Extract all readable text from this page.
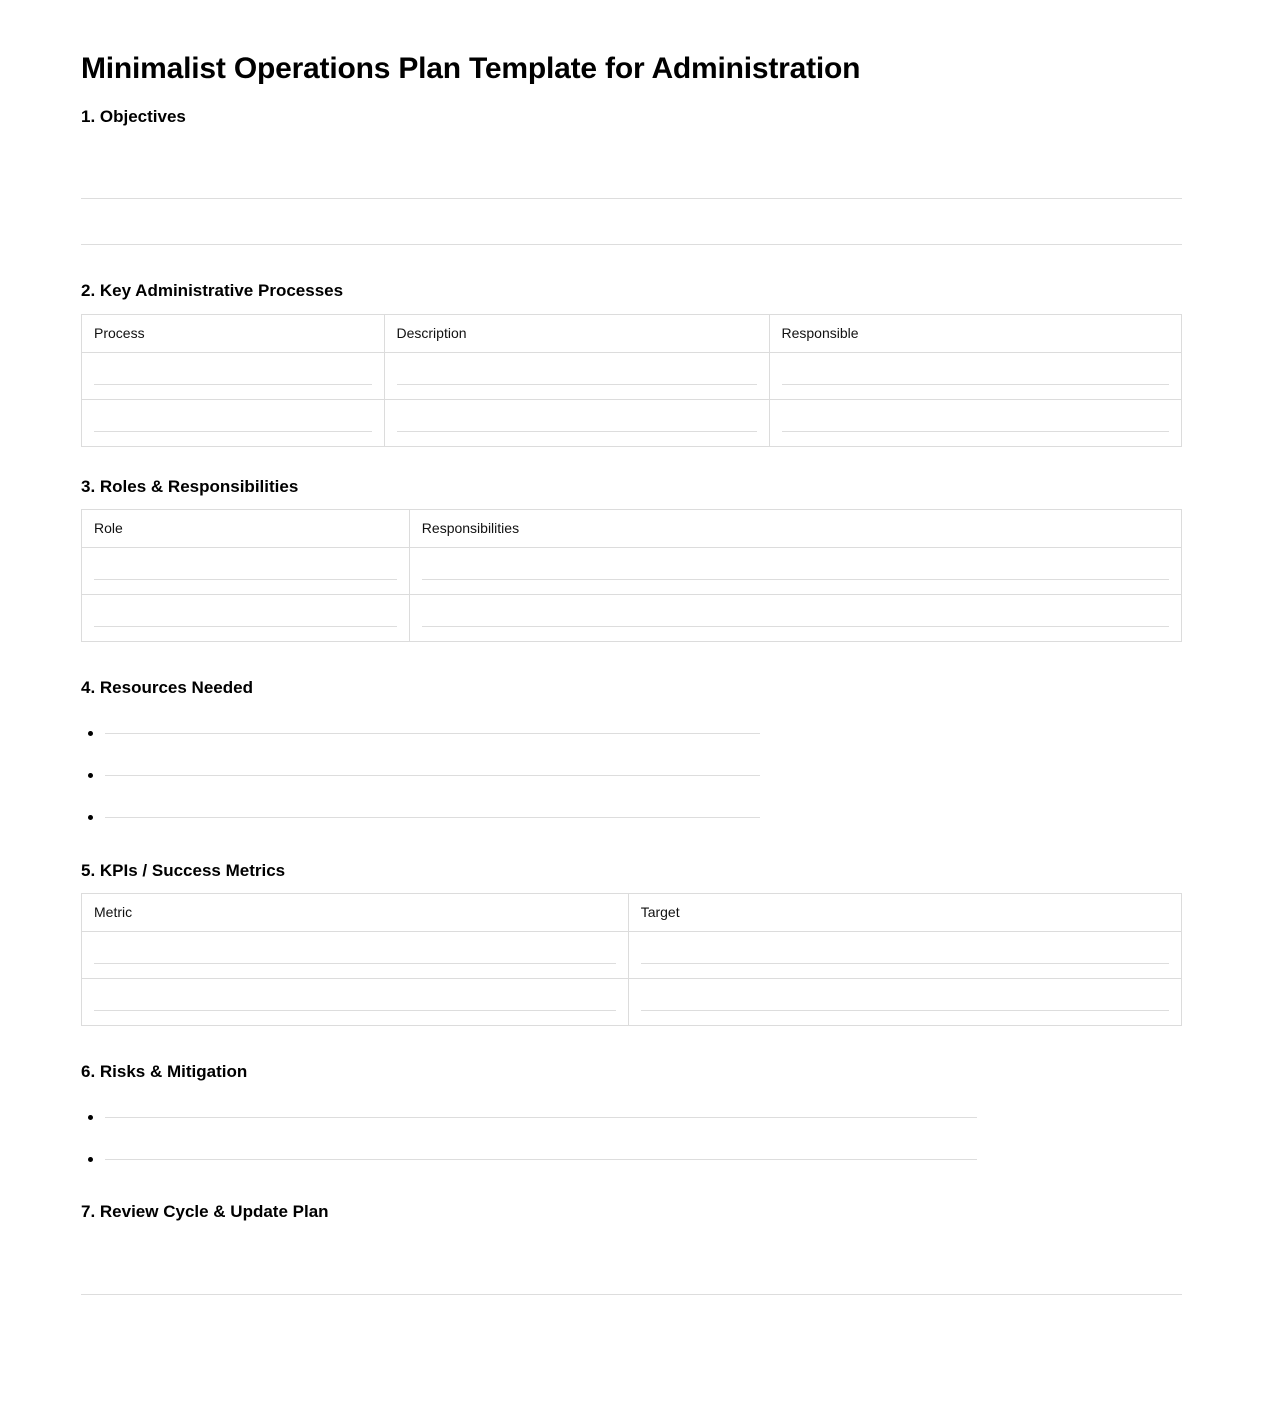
Minimalist Operations Plan Template for Administration
1. Objectives
2. Key Administrative Processes
Process	Description	Responsible

3. Roles & Responsibilities
Role	Responsibilities

4. Resources Needed
5. KPIs / Success Metrics
Metric	Target

6. Risks & Mitigation
7. Review Cycle & Update Plan
